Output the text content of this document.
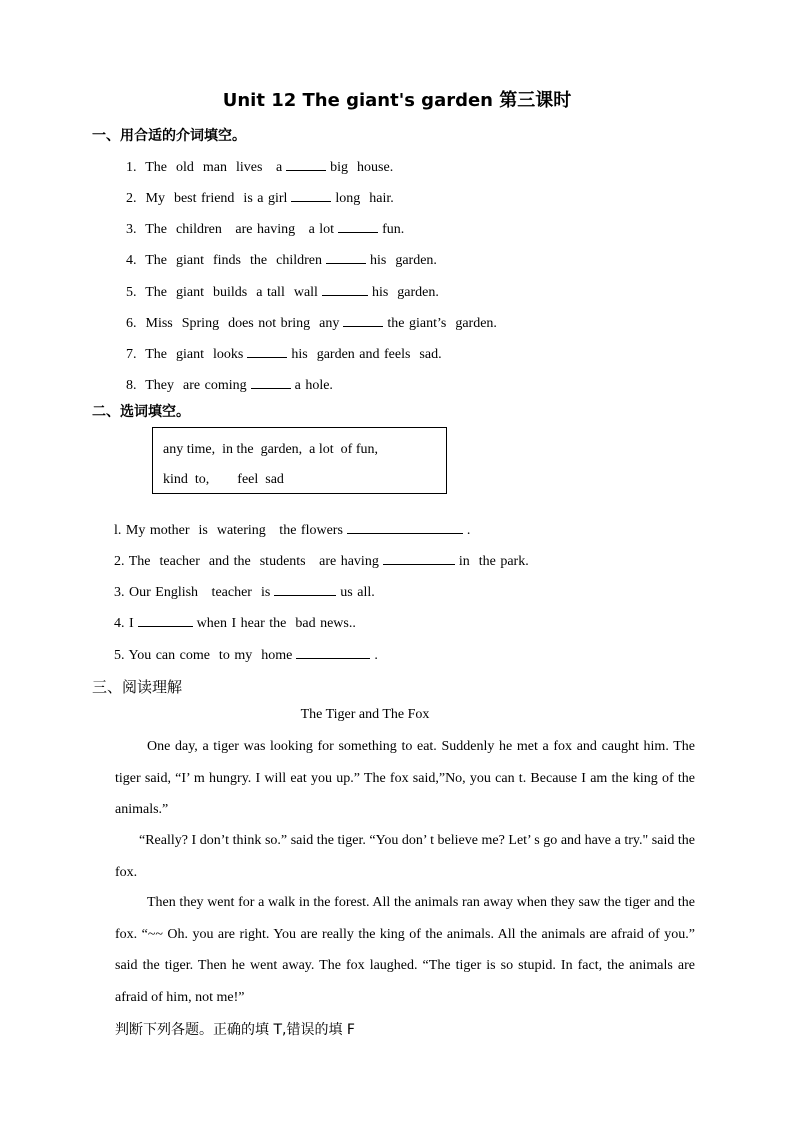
Unit 12 The giant's garden 第三课时
一、用合适的介词填空。
1.  The  old  man  lives   a	big  house.
2.  My  best friend  is a girl	long  hair.
3.  The  children   are having   a lot	fun.
4.  The  giant  finds  the  children	his  garden.
5.  The  giant  builds  a tall  wall	his  garden.
6.  Miss  Spring  does not bring  any	the giant’s  garden.
7.  The  giant  looks	his  garden and feels  sad.
8.  They  are coming	a hole.
二、选词填空。
any time,  in the  garden,  a lot  of fun,
kind  to,        feel  sad
l. My mother  is  watering   the flowers	.
2. The  teacher  and the  students   are having	in  the park.
3. Our English   teacher  is	us all.
4. I	when I hear the  bad news..
5. You can come  to my  home	.
三、阅读理解
The Tiger and The Fox
One day, a tiger was looking for something to eat. Suddenly he met a fox and caught him. The tiger said, “I’ m hungry. I will eat you up.” The fox said,”No, you can t. Because I am the king of the animals.”
“Really? I don’t think so.” said the tiger. “You don’ t believe me? Let’ s go and have a try." said the fox.
Then they went for a walk in the forest. All the animals ran away when they saw the tiger and the fox. “~~ Oh. you are right. You are really the king of the animals. All the animals are afraid of you.” said the tiger. Then he went away. The fox laughed. “The tiger is so stupid. In fact, the animals are afraid of him, not me!”
判断下列各题。正确的填 T,错误的填 F
